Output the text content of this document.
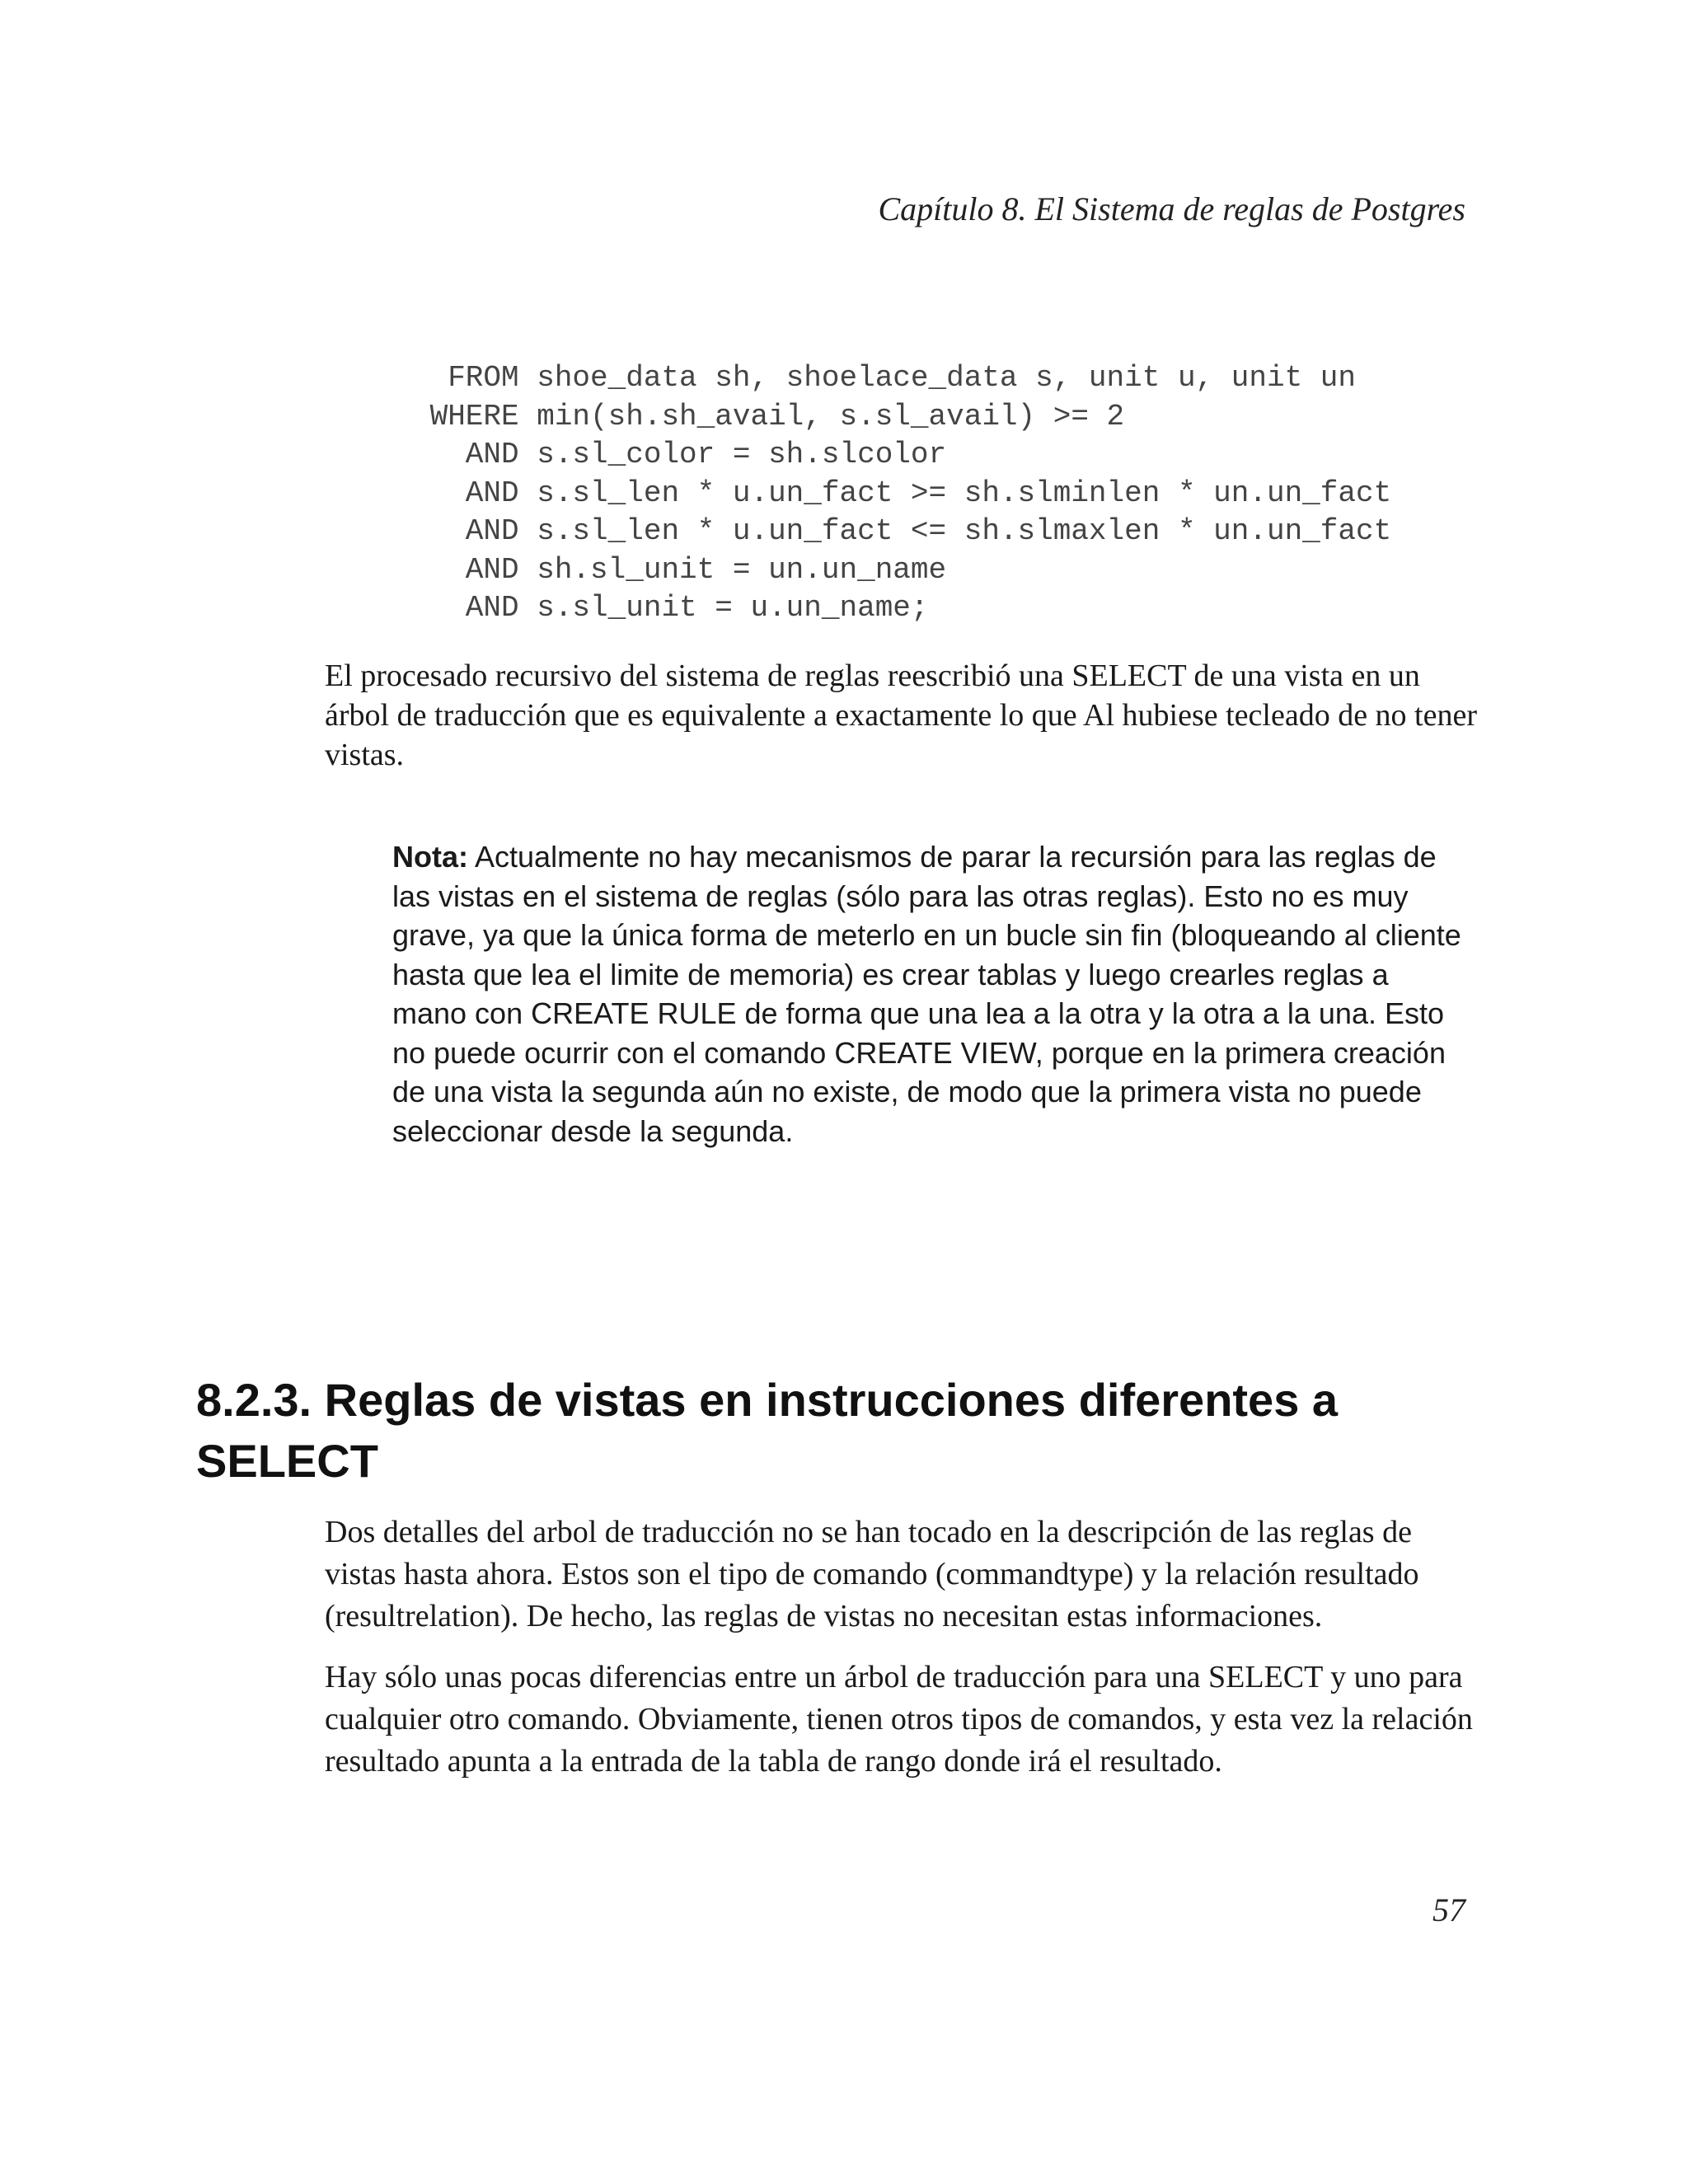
Capítulo 8. El Sistema de reglas de Postgres
FROM shoe_data sh, shoelace_data s, unit u, unit un
WHERE min(sh.sh_avail, s.sl_avail) >= 2
AND s.sl_color = sh.slcolor
AND s.sl_len * u.un_fact >= sh.slminlen * un.un_fact
AND s.sl_len * u.un_fact <= sh.slmaxlen * un.un_fact
AND sh.sl_unit = un.un_name
AND s.sl_unit = u.un_name;

El procesado recursivo del sistema de reglas reescribió una SELECT de una vista en un árbol de traducción que es equivalente a exactamente lo que Al hubiese tecleado de no tener vistas.

Nota: Actualmente no hay mecanismos de parar la recursión para las reglas de las vistas en el sistema de reglas (sólo para las otras reglas). Esto no es muy grave, ya que la única forma de meterlo en un bucle sin fin (bloqueando al cliente hasta que lea el limite de memoria) es crear tablas y luego crearles reglas a mano con CREATE RULE de forma que una lea a la otra y la otra a la una. Esto no puede ocurrir con el comando CREATE VIEW, porque en la primera creación de una vista la segunda aún no existe, de modo que la primera vista no puede seleccionar desde la segunda.
8.2.3. Reglas de vistas en instrucciones diferentes a SELECT

Dos detalles del arbol de traducción no se han tocado en la descripción de las reglas de vistas hasta ahora. Estos son el tipo de comando (commandtype) y la relación resultado (resultrelation). De hecho, las reglas de vistas no necesitan estas informaciones.

Hay sólo unas pocas diferencias entre un árbol de traducción para una SELECT y uno para cualquier otro comando. Obviamente, tienen otros tipos de comandos, y esta vez la relación resultado apunta a la entrada de la tabla de rango donde irá el resultado.

57
